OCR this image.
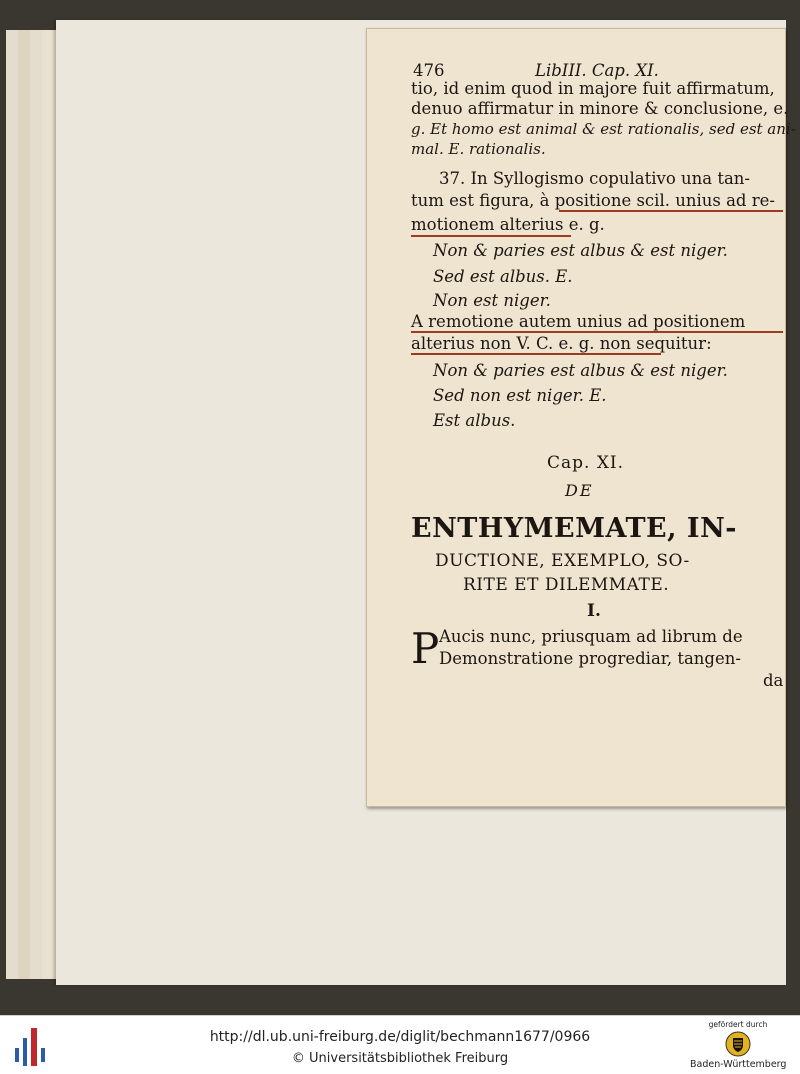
476	LibIII. Cap. XI.
tio, id enim quod in majore fuit affirmatum,
denuo affirmatur in minore & conclusione, e.
g. Et homo est animal & est rationalis, sed est ani-
mal. E. rationalis.
37. In Syllogismo copulativo una tan-
tum est figura, à positione scil. unius ad re-
motionem alterius e. g.
Non & paries est albus & est niger.
Sed est albus. E.
Non est niger.
A remotione autem unius ad positionem
alterius non V. C. e. g. non sequitur:
Non & paries est albus & est niger.
Sed non est niger. E.
Est albus.
Cap. XI.
DE
ENTHYMEMATE, IN-
DUCTIONE, EXEMPLO, SO-
RITE ET DILEMMATE.
I.
P Aucis nunc, priusquam ad librum de
Demonstratione progrediar, tangen-
da
http://dl.ub.uni-freiburg.de/diglit/bechmann1677/0966
© Universitätsbibliothek Freiburg
gefördert durch
Baden-Württemberg
